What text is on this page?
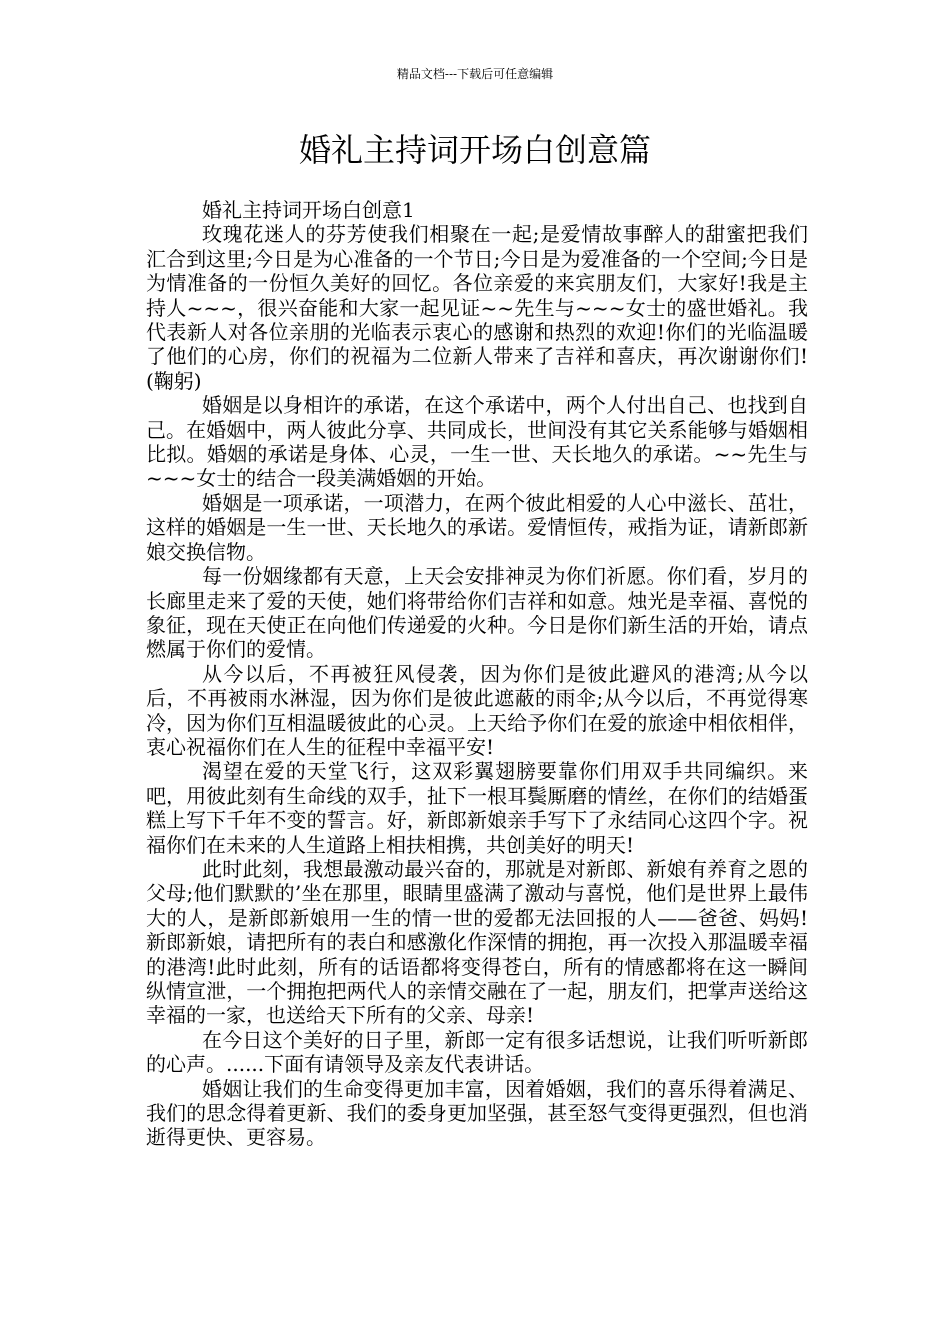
精品文档---下载后可任意编辑
婚礼主持词开场白创意篇

婚礼主持词开场白创意1

玫瑰花迷人的芬芳使我们相聚在一起;是爱情故事醉人的甜蜜把我们汇合到这里;今日是为心准备的一个节日;今日是为爱准备的一个空间;今日是为情准备的一份恒久美好的回忆。各位亲爱的来宾朋友们，大家好!我是主持人~~~，很兴奋能和大家一起见证~~先生与~~~女士的盛世婚礼。我代表新人对各位亲朋的光临表示衷心的感谢和热烈的欢迎!你们的光临温暖了他们的心房，你们的祝福为二位新人带来了吉祥和喜庆，再次谢谢你们!(鞠躬)

婚姻是以身相许的承诺，在这个承诺中，两个人付出自己、也找到自己。在婚姻中，两人彼此分享、共同成长，世间没有其它关系能够与婚姻相比拟。婚姻的承诺是身体、心灵，一生一世、天长地久的承诺。~~先生与~~~女士的结合一段美满婚姻的开始。

婚姻是一项承诺，一项潜力，在两个彼此相爱的人心中滋长、茁壮，这样的婚姻是一生一世、天长地久的承诺。爱情恒传，戒指为证，请新郎新娘交换信物。

每一份姻缘都有天意，上天会安排神灵为你们祈愿。你们看，岁月的长廊里走来了爱的天使，她们将带给你们吉祥和如意。烛光是幸福、喜悦的象征，现在天使正在向他们传递爱的火种。今日是你们新生活的开始，请点燃属于你们的爱情。

从今以后，不再被狂风侵袭，因为你们是彼此避风的港湾;从今以后，不再被雨水淋湿，因为你们是彼此遮蔽的雨伞;从今以后，不再觉得寒冷，因为你们互相温暖彼此的心灵。上天给予你们在爱的旅途中相依相伴，衷心祝福你们在人生的征程中幸福平安!

渴望在爱的天堂飞行，这双彩翼翅膀要靠你们用双手共同编织。来吧，用彼此刻有生命线的双手，扯下一根耳鬓厮磨的情丝，在你们的结婚蛋糕上写下千年不变的誓言。好，新郎新娘亲手写下了永结同心这四个字。祝福你们在未来的人生道路上相扶相携，共创美好的明天!

此时此刻，我想最激动最兴奋的，那就是对新郎、新娘有养育之恩的父母;他们默默的’坐在那里，眼睛里盛满了激动与喜悦，他们是世界上最伟大的人，是新郎新娘用一生的情一世的爱都无法回报的人——爸爸、妈妈!新郎新娘，请把所有的表白和感激化作深情的拥抱，再一次投入那温暖幸福的港湾!此时此刻，所有的话语都将变得苍白，所有的情感都将在这一瞬间纵情宣泄，一个拥抱把两代人的亲情交融在了一起，朋友们，把掌声送给这幸福的一家，也送给天下所有的父亲、母亲!

在今日这个美好的日子里，新郎一定有很多话想说，让我们听听新郎的心声。......下面有请领导及亲友代表讲话。

婚姻让我们的生命变得更加丰富，因着婚姻，我们的喜乐得着满足、我们的思念得着更新、我们的委身更加坚强，甚至怒气变得更强烈，但也消逝得更快、更容易。
